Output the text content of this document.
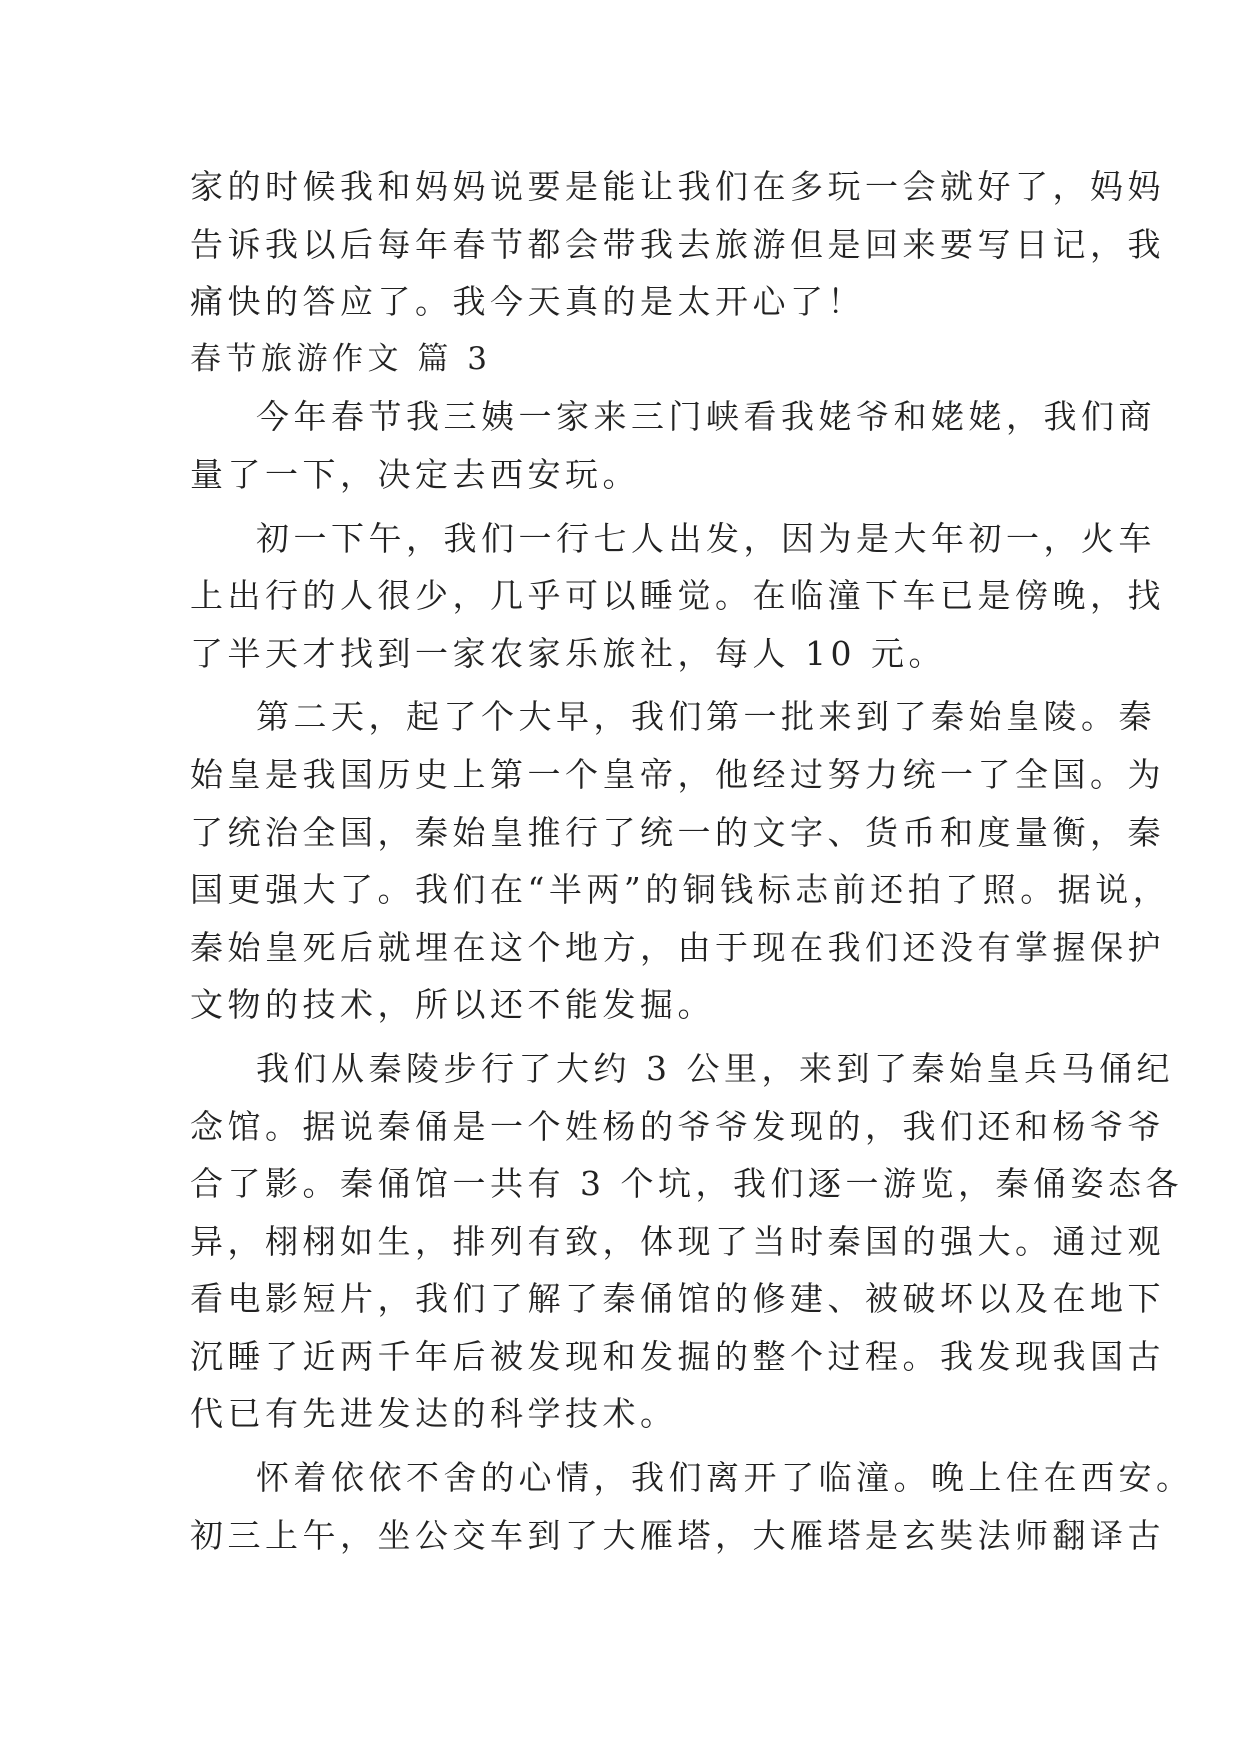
家的时候我和妈妈说要是能让我们在多玩一会就好了，妈妈
告诉我以后每年春节都会带我去旅游但是回来要写日记，我
痛快的答应了。我今天真的是太开心了！
春节旅游作文 篇 3
今年春节我三姨一家来三门峡看我姥爷和姥姥，我们商
量了一下，决定去西安玩。
初一下午，我们一行七人出发，因为是大年初一，火车
上出行的人很少，几乎可以睡觉。在临潼下车已是傍晚，找
了半天才找到一家农家乐旅社，每人 10 元。
第二天，起了个大早，我们第一批来到了秦始皇陵。秦
始皇是我国历史上第一个皇帝，他经过努力统一了全国。为
了统治全国，秦始皇推行了统一的文字、货币和度量衡，秦
国更强大了。我们在“半两”的铜钱标志前还拍了照。据说，
秦始皇死后就埋在这个地方，由于现在我们还没有掌握保护
文物的技术，所以还不能发掘。
我们从秦陵步行了大约 3 公里，来到了秦始皇兵马俑纪
念馆。据说秦俑是一个姓杨的爷爷发现的，我们还和杨爷爷
合了影。秦俑馆一共有 3 个坑，我们逐一游览，秦俑姿态各
异，栩栩如生，排列有致，体现了当时秦国的强大。通过观
看电影短片，我们了解了秦俑馆的修建、被破坏以及在地下
沉睡了近两千年后被发现和发掘的整个过程。我发现我国古
代已有先进发达的科学技术。
怀着依依不舍的心情，我们离开了临潼。晚上住在西安。
初三上午，坐公交车到了大雁塔，大雁塔是玄奘法师翻译古
